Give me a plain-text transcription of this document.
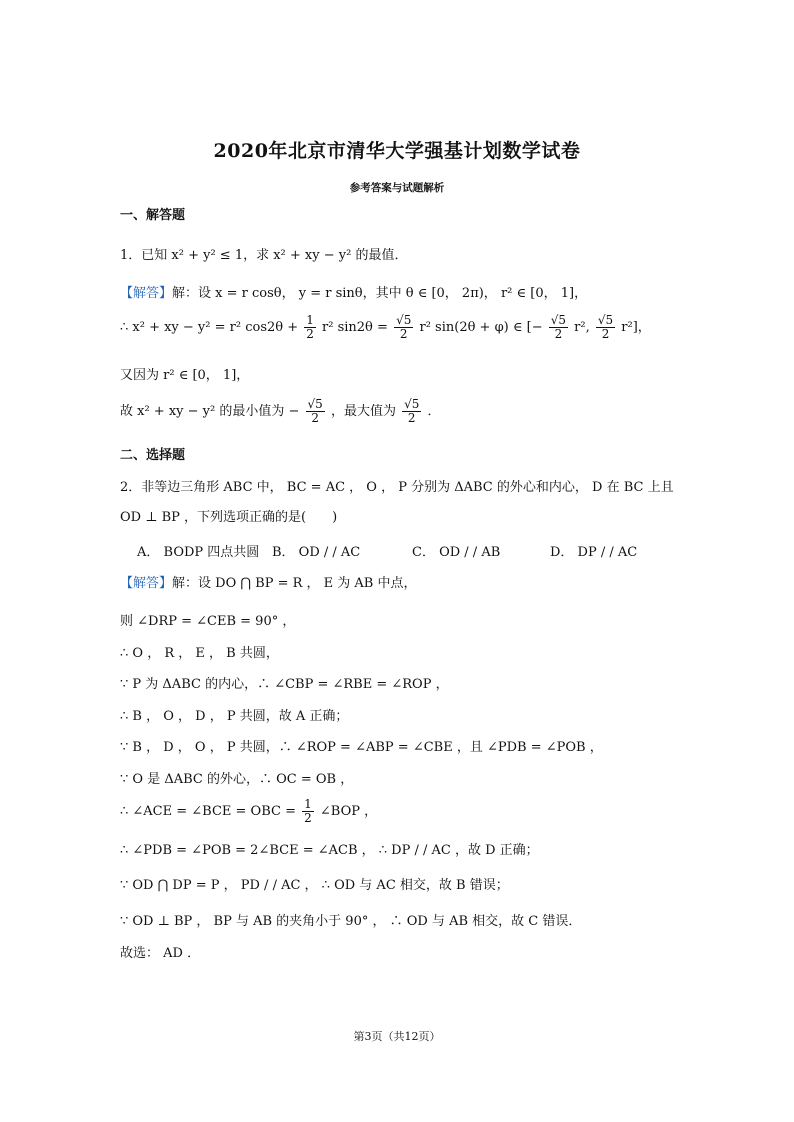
2020年北京市清华大学强基计划数学试卷
参考答案与试题解析
一、解答题
1．已知 x² + y² ≤ 1，求 x² + xy − y² 的最值．
【解答】解：设 x = r cosθ， y = r sinθ，其中 θ ∈ [0， 2π)， r² ∈ [0， 1]，
∴ x² + xy − y² = r² $\cos 2\theta + \frac{1}{2} r^2$ $\sin 2\theta = \frac{√5}{2} r^2$ sin(2θ + φ) ∈ [− $\frac{√5}{2} r^2$, $\frac{√5}{2} r^2$]，
又因为 r² ∈ [0， 1]，
故 x² + xy − y² 的最小值为 − $\frac{√5}{2}$ ，最大值为 $\frac{√5}{2}$ ．
二、选择题
2．非等边三角形 ABC 中， BC = AC ， O ， P 分别为 ΔABC 的外心和内心， D 在 BC 上且
OD ⊥ BP ，下列选项正确的是(　　)
A． BODP 四点共圆 B． OD / / AC	C． OD / / AB	D． DP / / AC
【解答】解：设 DO ⋂ BP = R ， E 为 AB 中点，
则 ∠DRP = ∠CEB = 90° ，
∴ O ， R ， E ， B 共圆，
∵ P 为 ΔABC 的内心，∴ ∠CBP = ∠RBE = ∠ROP ，
∴ B ， O ， D ， P 共圆，故 A 正确；
∵ B ， D ， O ， P 共圆，∴ ∠ROP = ∠ABP = ∠CBE ，且 ∠PDB = ∠POB ，
∵ O 是 ΔABC 的外心，∴ OC = OB ，
∴ ∠ACE = ∠BCE = OBC = $\frac{1}{2}$ ∠BOP ，
∴ ∠PDB = ∠POB = 2∠BCE = ∠ACB ， ∴ DP / / AC ，故 D 正确；
∵ OD ⋂ DP = P ， PD / / AC ， ∴ OD 与 AC 相交，故 B 错误；
∵ OD ⊥ BP ， BP 与 AB 的夹角小于 90° ， ∴ OD 与 AB 相交，故 C 错误．
故选： AD ．
第3页（共12页）
